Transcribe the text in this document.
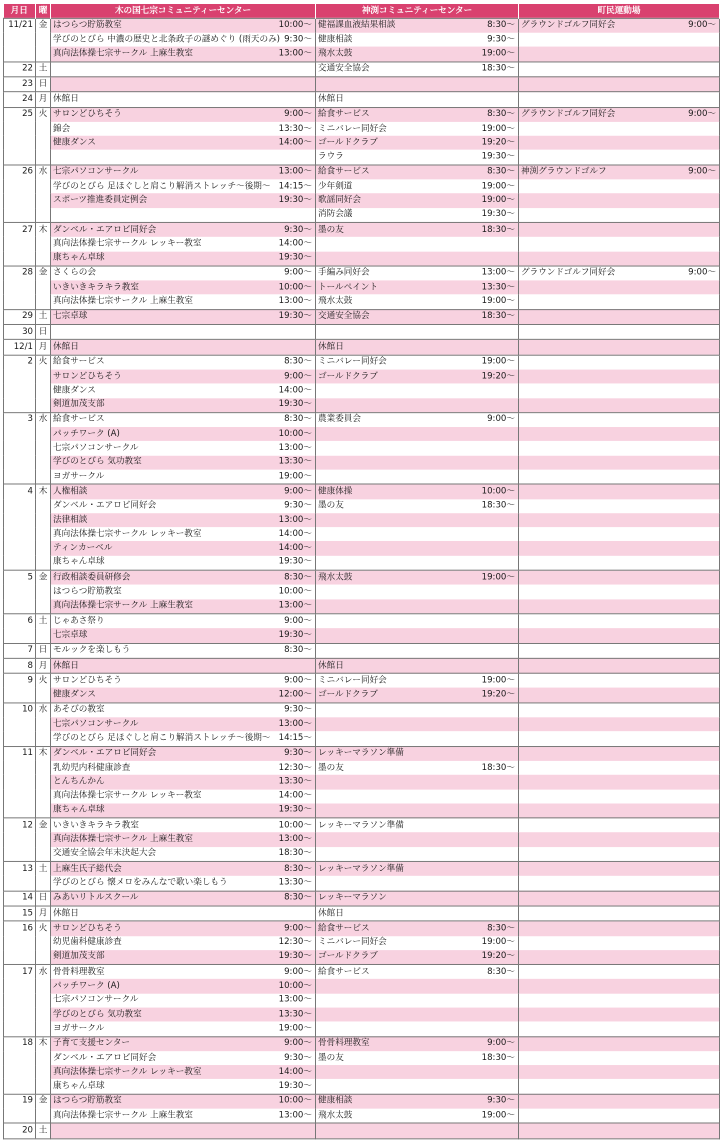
月日	曜	木の国七宗コミュニティーセンター		神渕コミュニティーセンター		町民運動場	
11/21	金	はつらつ貯筋教室	10:00～	健福課血液結果相談	8:30～	グラウンドゴルフ同好会	9:00～
		学びのとびら 中濃の歴史と北条政子の謎めぐり (雨天のみ)	9:30～	健康相談	9:30～		
		真向法体操七宗サークル 上麻生教室	13:00～	飛水太鼓	19:00～		
22	土			交通安全協会	18:30～		
23	日						
24	月	休館日		休館日			
25	火	サロンどひちそう	9:00～	給食サービス	8:30～	グラウンドゴルフ同好会	9:00～
		錦会	13:30～	ミニバレー同好会	19:00～		
		健康ダンス	14:00～	ゴールドクラブ	19:20～		
				ラウラ	19:30～		
26	水	七宗パソコンサークル	13:00～	給食サービス	8:30～	神渕グラウンドゴルフ	9:00～
		学びのとびら 足ほぐしと肩こり解消ストレッチ～後期～	14:15～	少年剣道	19:00～		
		スポーツ推進委員定例会	19:30～	歌謡同好会	19:00～		
				消防会議	19:30～		
27	木	ダンベル・エアロビ同好会	9:30～	墨の友	18:30～		
		真向法体操七宗サークル レッキー教室	14:00～				
		康ちゃん卓球	19:30～				
28	金	さくらの会	9:00～	手編み同好会	13:00～	グラウンドゴルフ同好会	9:00～
		いきいきキラキラ教室	10:00～	トールペイント	13:30～		
		真向法体操七宗サークル 上麻生教室	13:00～	飛水太鼓	19:00～		
29	土	七宗卓球	19:30～	交通安全協会	18:30～		
30	日						
12/1	月	休館日		休館日			
2	火	給食サービス	8:30～	ミニバレー同好会	19:00～		
		サロンどひちそう	9:00～	ゴールドクラブ	19:20～		
		健康ダンス	14:00～				
		剣道加茂支部	19:30～				
3	水	給食サービス	8:30～	農業委員会	9:00～		
		パッチワーク (A)	10:00～				
		七宗パソコンサークル	13:00～				
		学びのとびら 気功教室	13:30～				
		ヨガサークル	19:00～				
4	木	人権相談	9:00～	健康体操	10:00～		
		ダンベル・エアロビ同好会	9:30～	墨の友	18:30～		
		法律相談	13:00～				
		真向法体操七宗サークル レッキー教室	14:00～				
		ティンカーベル	14:00～				
		康ちゃん卓球	19:30～				
5	金	行政相談委員研修会	8:30～	飛水太鼓	19:00～		
		はつらつ貯筋教室	10:00～				
		真向法体操七宗サークル 上麻生教室	13:00～				
6	土	じゃあさ祭り	9:00～				
		七宗卓球	19:30～				
7	日	モルックを楽しもう	8:30～				
8	月	休館日		休館日			
9	火	サロンどひちそう	9:00～	ミニバレー同好会	19:00～		
		健康ダンス	12:00～	ゴールドクラブ	19:20～		
10	水	あそびの教室	9:30～				
		七宗パソコンサークル	13:00～				
		学びのとびら 足ほぐしと肩こり解消ストレッチ～後期～	14:15～				
11	木	ダンベル・エアロビ同好会	9:30～	レッキーマラソン準備			
		乳幼児内科健康診査	12:30～	墨の友	18:30～		
		とんちんかん	13:30～				
		真向法体操七宗サークル レッキー教室	14:00～				
		康ちゃん卓球	19:30～				
12	金	いきいきキラキラ教室	10:00～	レッキーマラソン準備			
		真向法体操七宗サークル 上麻生教室	13:00～				
		交通安全協会年末決起大会	18:30～				
13	土	上麻生氏子総代会	8:30～	レッキーマラソン準備			
		学びのとびら 懐メロをみんなで歌い楽しもう	13:30～				
14	日	みあいリトルスクール	8:30～	レッキーマラソン			
15	月	休館日		休館日			
16	火	サロンどひちそう	9:00～	給食サービス	8:30～		
		幼児歯科健康診査	12:30～	ミニバレー同好会	19:00～		
		剣道加茂支部	19:30～	ゴールドクラブ	19:20～		
17	水	骨骨料理教室	9:00～	給食サービス	8:30～		
		パッチワーク (A)	10:00～				
		七宗パソコンサークル	13:00～				
		学びのとびら 気功教室	13:30～				
		ヨガサークル	19:00～				
18	木	子育て支援センター	9:00～	骨骨料理教室	9:00～		
		ダンベル・エアロビ同好会	9:30～	墨の友	18:30～		
		真向法体操七宗サークル レッキー教室	14:00～				
		康ちゃん卓球	19:30～				
19	金	はつらつ貯筋教室	10:00～	健康相談	9:30～		
		真向法体操七宗サークル 上麻生教室	13:00～	飛水太鼓	19:00～		
20	土						
